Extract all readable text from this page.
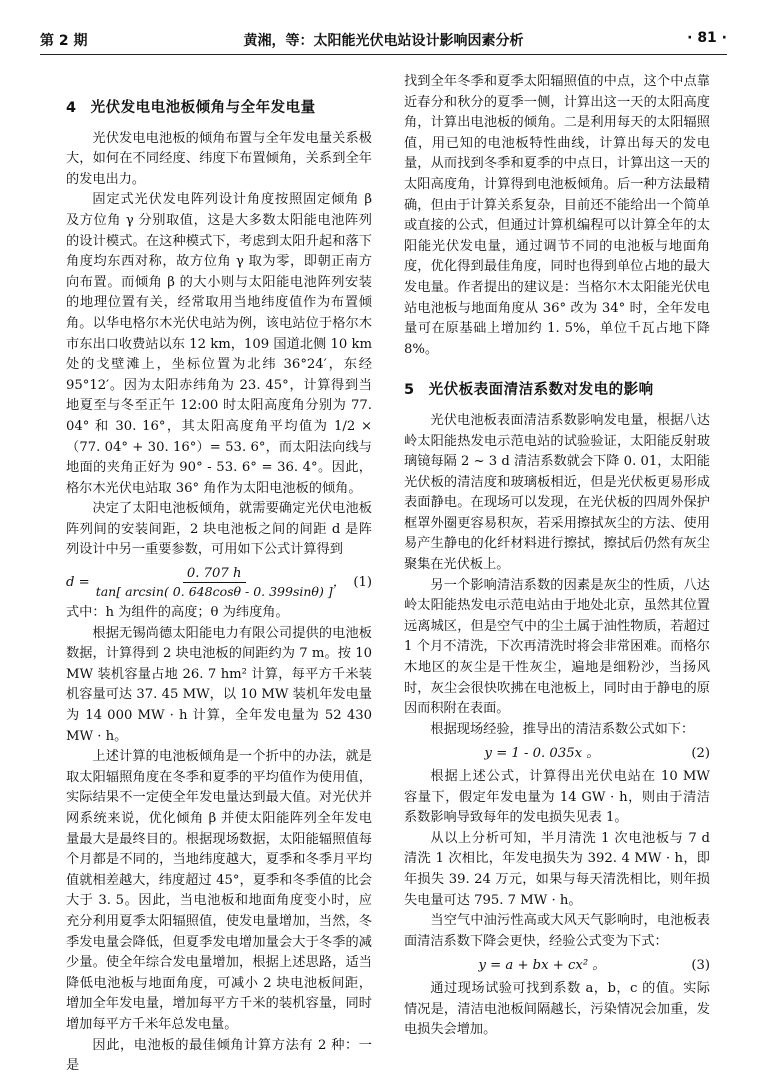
第 2 期	黄湘，等：太阳能光伏电站设计影响因素分析	· 81 ·
4 光伏发电电池板倾角与全年发电量

光伏发电电池板的倾角布置与全年发电量关系极大，如何在不同经度、纬度下布置倾角，关系到全年的发电出力。

固定式光伏发电阵列设计角度按照固定倾角 β 及方位角 γ 分别取值，这是大多数太阳能电池阵列的设计模式。在这种模式下，考虑到太阳升起和落下角度均东西对称，故方位角 γ 取为零，即朝正南方向布置。而倾角 β 的大小则与太阳能电池阵列安装的地理位置有关，经常取用当地纬度值作为布置倾角。以华电格尔木光伏电站为例，该电站位于格尔木市东出口收费站以东 12 km，109 国道北侧 10 km 处的戈壁滩上，坐标位置为北纬 36°24′，东经 95°12′。因为太阳赤纬角为 23. 45°，计算得到当地夏至与冬至正午 12:00 时太阳高度角分别为 77. 04° 和 30. 16°，其太阳高度角平均值为 1/2 ×（77. 04° + 30. 16°）= 53. 6°，而太阳法向线与地面的夹角正好为 90° - 53. 6° = 36. 4°。因此，格尔木光伏电站取 36° 角作为太阳电池板的倾角。

决定了太阳电池板倾角，就需要确定光伏电池板阵列间的安装间距，2 块电池板之间的间距 d 是阵列设计中另一重要参数，可用如下公式计算得到

$d = \frac{0. 707 h}{\tan[ \arcsin( 0. 648\cos\theta - 0. 399\sin\theta) ]}$ ， (1)

式中：h 为组件的高度；θ 为纬度角。

根据无锡尚德太阳能电力有限公司提供的电池板数据，计算得到 2 块电池板的间距约为 7 m。按 10 MW 装机容量占地 26. 7 hm² 计算，每平方千米装机容量可达 37. 45 MW，以 10 MW 装机年发电量为 14 000 MW · h 计算，全年发电量为 52 430 MW · h。

上述计算的电池板倾角是一个折中的办法，就是取太阳辐照角度在冬季和夏季的平均值作为使用值，实际结果不一定使全年发电量达到最大值。对光伏并网系统来说，优化倾角 β 并使太阳能阵列全年发电量最大是最终目的。根据现场数据，太阳能辐照值每个月都是不同的，当地纬度越大，夏季和冬季月平均值就相差越大，纬度超过 45°，夏季和冬季值的比会大于 3. 5。因此，当电池板和地面角度变小时，应充分利用夏季太阳辐照值，使发电量增加，当然，冬季发电量会降低，但夏季发电增加量会大于冬季的减少量。使全年综合发电量增加，根据上述思路，适当降低电池板与地面角度，可减小 2 块电池板间距，增加全年发电量，增加每平方千米的装机容量，同时增加每平方千米年总发电量。

因此，电池板的最佳倾角计算方法有 2 种：一是

找到全年冬季和夏季太阳辐照值的中点，这个中点靠近春分和秋分的夏季一侧，计算出这一天的太阳高度角，计算出电池板的倾角。二是利用每天的太阳辐照值，用已知的电池板特性曲线，计算出每天的发电量，从而找到冬季和夏季的中点日，计算出这一天的太阳高度角，计算得到电池板倾角。后一种方法最精确，但由于计算关系复杂，目前还不能给出一个简单或直接的公式，但通过计算机编程可以计算全年的太阳能光伏发电量，通过调节不同的电池板与地面角度，优化得到最佳角度，同时也得到单位占地的最大发电量。作者提出的建议是：当格尔木太阳能光伏电站电池板与地面角度从 36° 改为 34° 时，全年发电量可在原基础上增加约 1. 5%，单位千瓦占地下降 8%。

5 光伏板表面清洁系数对发电的影响

光伏电池板表面清洁系数影响发电量，根据八达岭太阳能热发电示范电站的试验验证，太阳能反射玻璃镜每隔 2 ~ 3 d 清洁系数就会下降 0. 01，太阳能光伏板的清洁度和玻璃板相近，但是光伏板更易形成表面静电。在现场可以发现，在光伏板的四周外保护框罩外圈更容易积灰，若采用擦拭灰尘的方法、使用易产生静电的化纤材料进行擦拭，擦拭后仍然有灰尘聚集在光伏板上。

另一个影响清洁系数的因素是灰尘的性质，八达岭太阳能热发电示范电站由于地处北京，虽然其位置远离城区，但是空气中的尘土属于油性物质，若超过 1 个月不清洗，下次再清洗时将会非常困难。而格尔木地区的灰尘是干性灰尘，遍地是细粉沙，当扬风时，灰尘会很快吹拂在电池板上，同时由于静电的原因而积附在表面。

根据现场经验，推导出的清洁系数公式如下：

y = 1 - 0. 035x 。	(2)

根据上述公式，计算得出光伏电站在 10 MW 容量下，假定年发电量为 14 GW · h，则由于清洁系数影响导致每年的发电损失见表 1。

从以上分析可知，半月清洗 1 次电池板与 7 d 清洗 1 次相比，年发电损失为 392. 4 MW · h，即年损失 39. 24 万元，如果与每天清洗相比，则年损失电量可达 795. 7 MW · h。

当空气中油污性高或大风天气影响时，电池板表面清洁系数下降会更快，经验公式变为下式：

y = a + bx + cx² 。	(3)

通过现场试验可找到系数 a，b，c 的值。实际情况是，清洁电池板间隔越长，污染情况会加重，发电损失会增加。
